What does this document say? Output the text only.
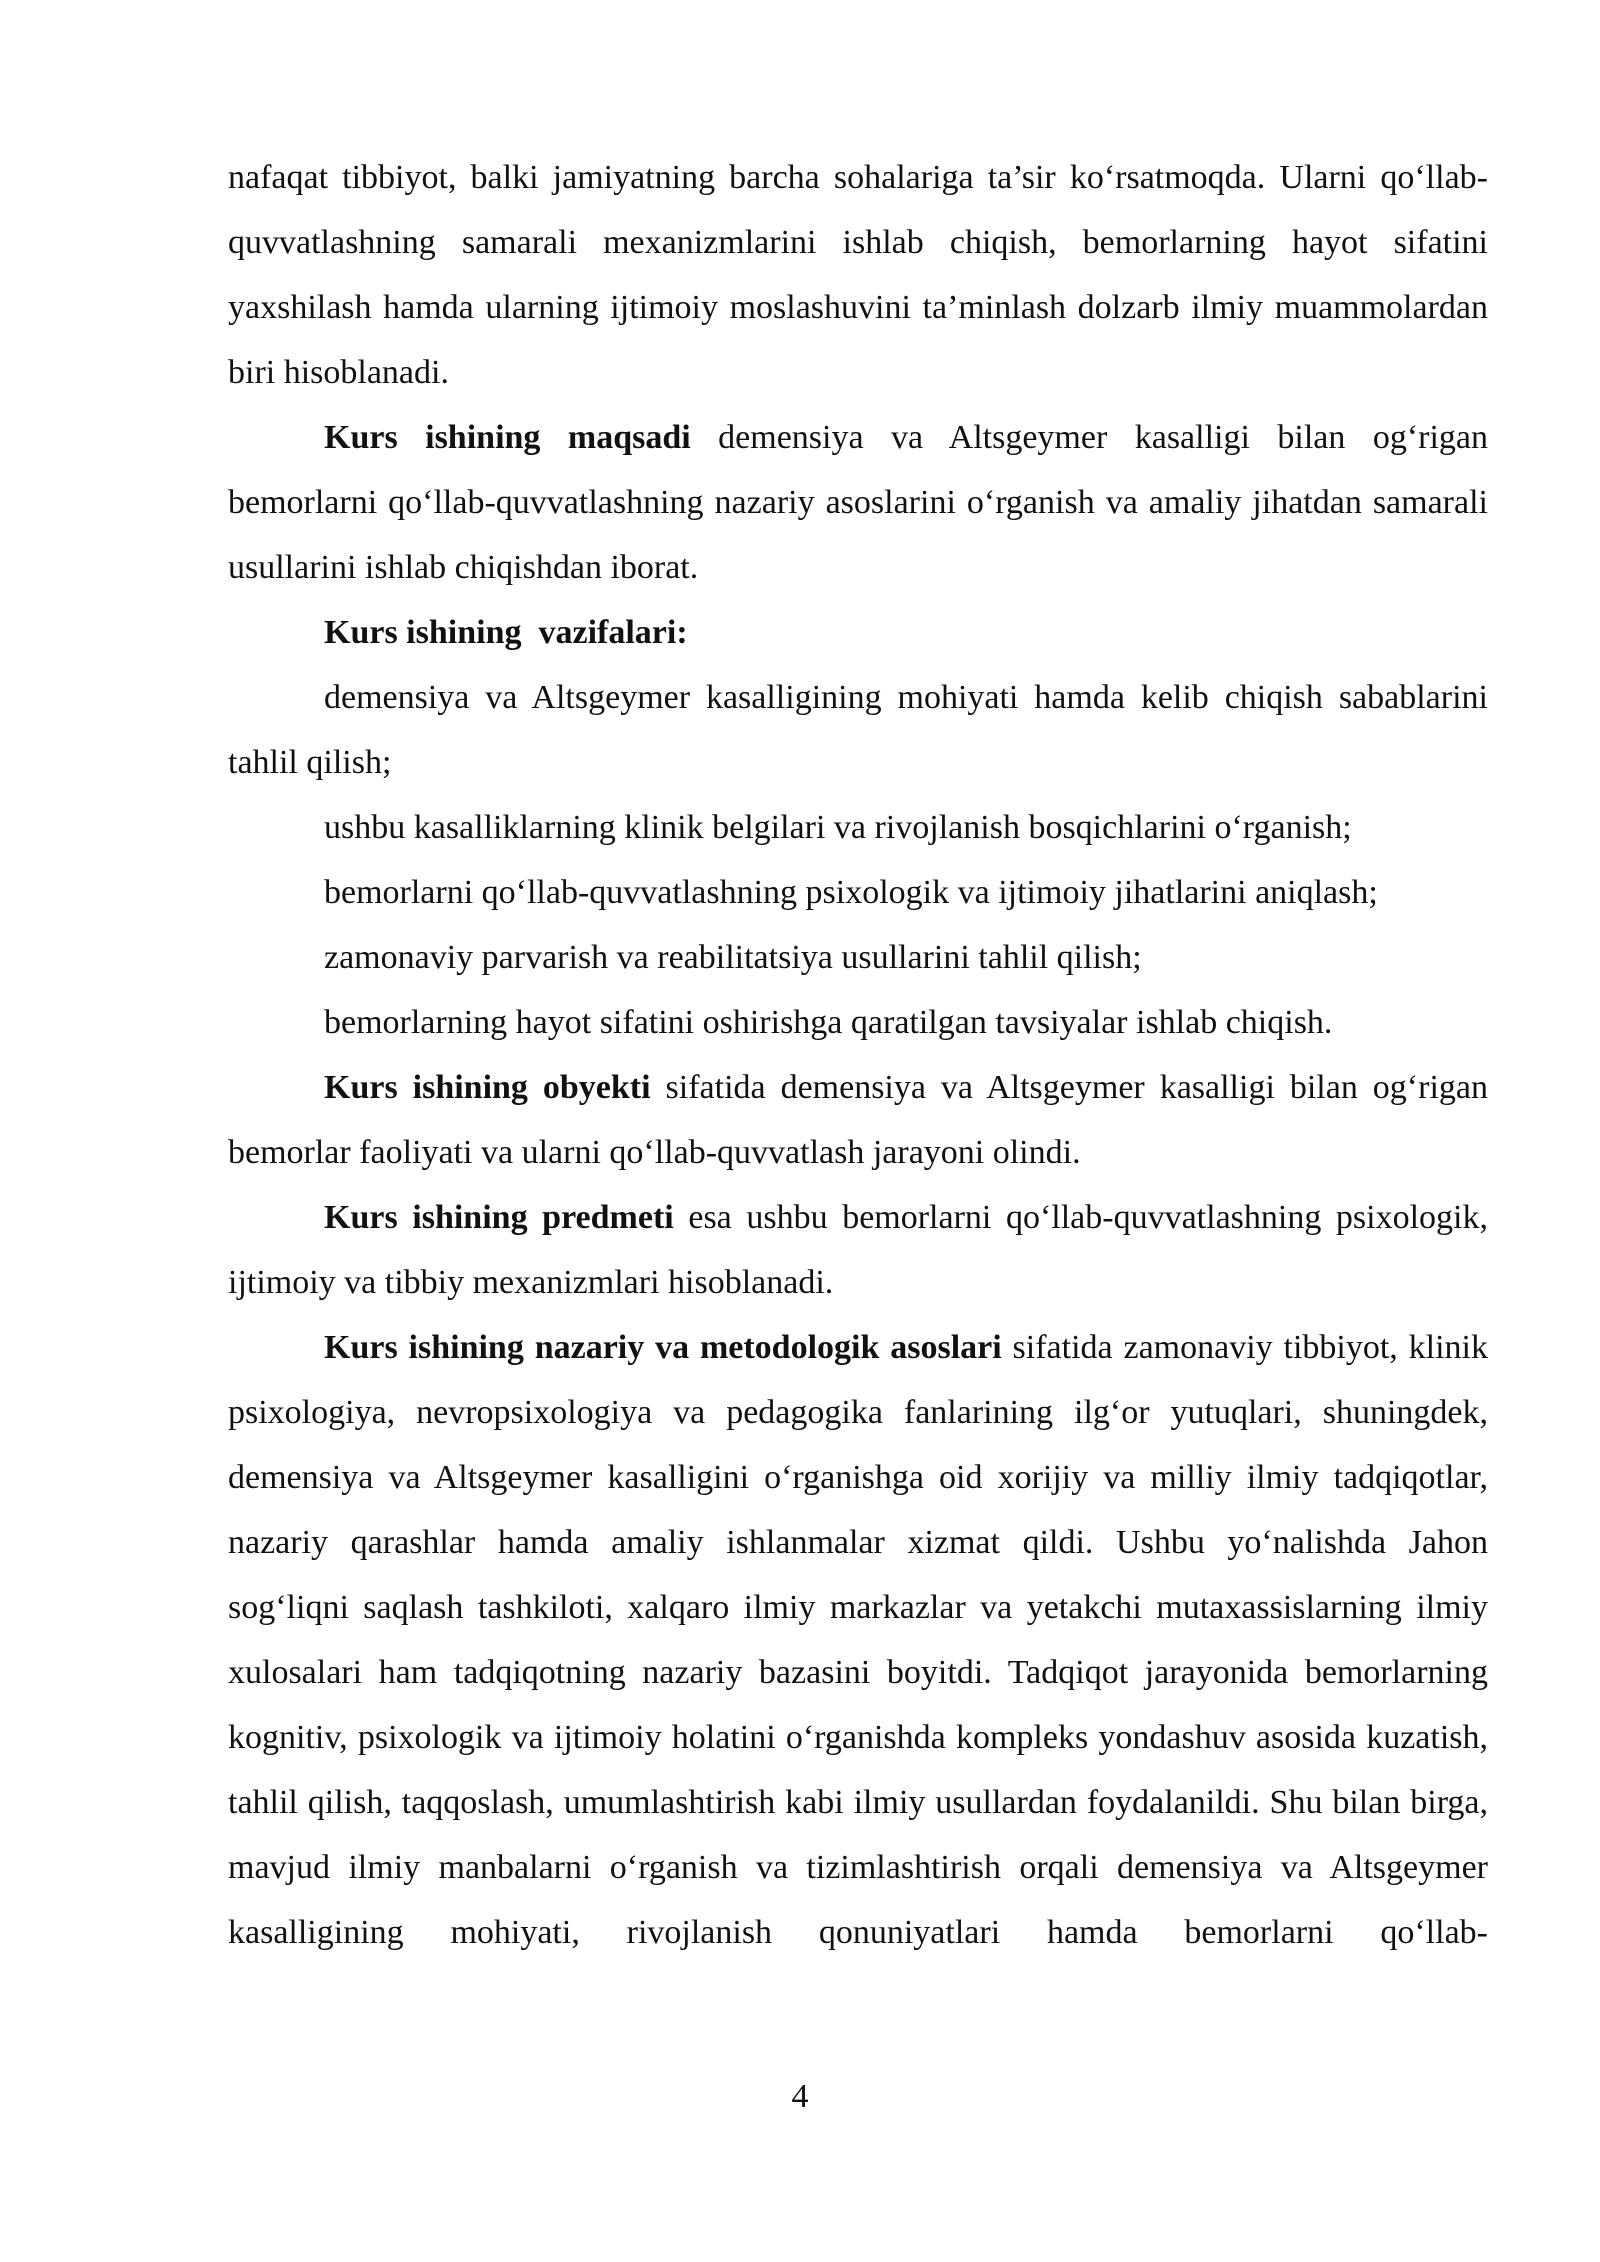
nafaqat tibbiyot, balki jamiyatning barcha sohalariga ta’sir ko‘rsatmoqda. Ularni qo‘llab-quvvatlashning samarali mexanizmlarini ishlab chiqish, bemorlarning hayot sifatini yaxshilash hamda ularning ijtimoiy moslashuvini ta’minlash dolzarb ilmiy muammolardan biri hisoblanadi.

Kurs ishining maqsadi demensiya va Altsgeymer kasalligi bilan og‘rigan bemorlarni qo‘llab-quvvatlashning nazariy asoslarini o‘rganish va amaliy jihatdan samarali usullarini ishlab chiqishdan iborat.

Kurs ishining  vazifalari:

demensiya va Altsgeymer kasalligining mohiyati hamda kelib chiqish sabablarini tahlil qilish;

ushbu kasalliklarning klinik belgilari va rivojlanish bosqichlarini o‘rganish;

bemorlarni qo‘llab-quvvatlashning psixologik va ijtimoiy jihatlarini aniqlash;

zamonaviy parvarish va reabilitatsiya usullarini tahlil qilish;

bemorlarning hayot sifatini oshirishga qaratilgan tavsiyalar ishlab chiqish.

Kurs ishining obyekti sifatida demensiya va Altsgeymer kasalligi bilan og‘rigan bemorlar faoliyati va ularni qo‘llab-quvvatlash jarayoni olindi.

Kurs ishining predmeti esa ushbu bemorlarni qo‘llab-quvvatlashning psixologik, ijtimoiy va tibbiy mexanizmlari hisoblanadi.

Kurs ishining nazariy va metodologik asoslari sifatida zamonaviy tibbiyot, klinik psixologiya, nevropsixologiya va pedagogika fanlarining ilg‘or yutuqlari, shuningdek, demensiya va Altsgeymer kasalligini o‘rganishga oid xorijiy va milliy ilmiy tadqiqotlar, nazariy qarashlar hamda amaliy ishlanmalar xizmat qildi. Ushbu yo‘nalishda Jahon sog‘liqni saqlash tashkiloti, xalqaro ilmiy markazlar va yetakchi mutaxassislarning ilmiy xulosalari ham tadqiqotning nazariy bazasini boyitdi. Tadqiqot jarayonida bemorlarning kognitiv, psixologik va ijtimoiy holatini o‘rganishda kompleks yondashuv asosida kuzatish, tahlil qilish, taqqoslash, umumlashtirish kabi ilmiy usullardan foydalanildi. Shu bilan birga, mavjud ilmiy manbalarni o‘rganish va tizimlashtirish orqali demensiya va Altsgeymer kasalligining mohiyati, rivojlanish qonuniyatlari hamda bemorlarni qo‘llab-

4
